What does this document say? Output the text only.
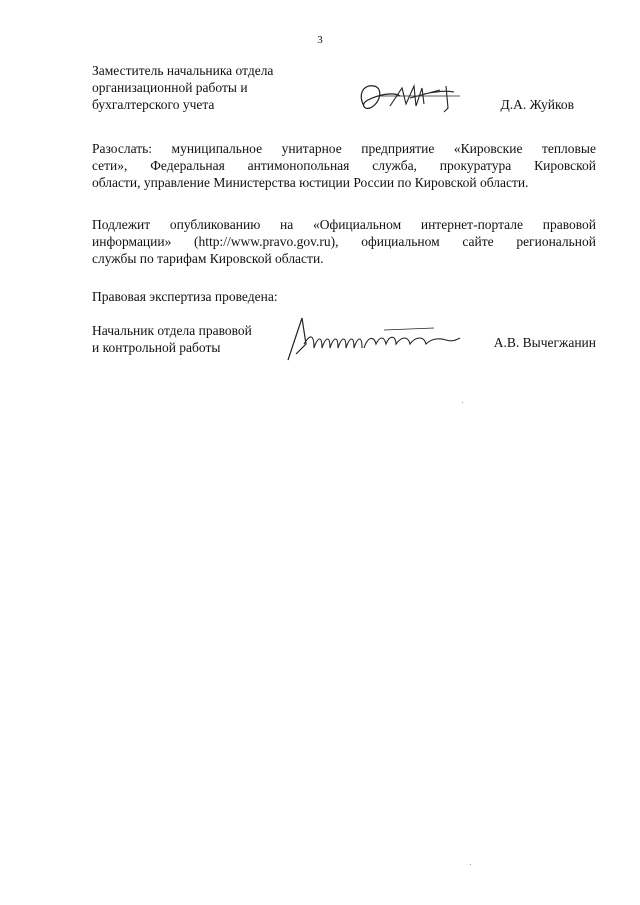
3
Заместитель начальника отдела
организационной работы и
бухгалтерского учета	Д.А. Жуйков
Разослать: муниципальное унитарное предприятие «Кировские тепловые
сети», Федеральная антимонопольная служба, прокуратура Кировской
области, управление Министерства юстиции России по Кировской области.
Подлежит опубликованию на «Официальном интернет-портале правовой
информации» (http://www.pravo.gov.ru), официальном сайте региональной
службы по тарифам Кировской области.
Правовая экспертиза проведена:
Начальник отдела правовой
и контрольной работы	А.В. Вычегжанин
